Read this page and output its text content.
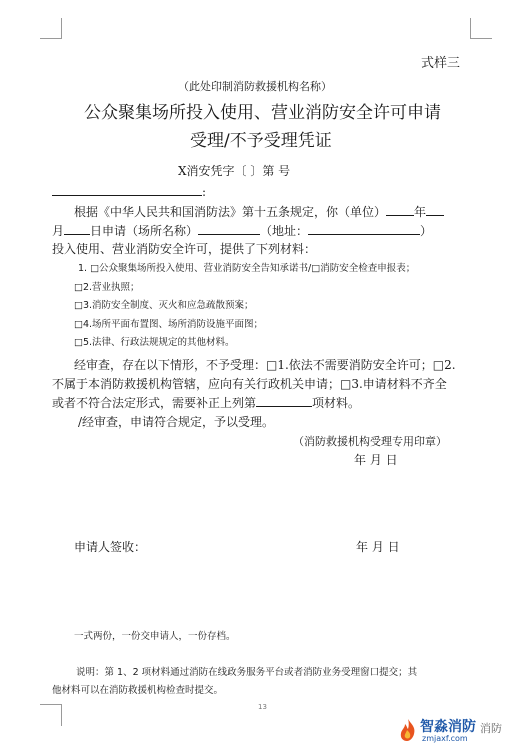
式样三
（此处印制消防救援机构名称）
公众聚集场所投入使用、营业消防安全许可申请
受理/不予受理凭证
X消安凭字〔 〕第 号
:
根据《中华人民共和国消防法》第十五条规定，你（单位） 年
月 日申请（场所名称）	（地址：	）
投入使用、营业消防安全许可，提供了下列材料：
1. □公众聚集场所投入使用、营业消防安全告知承诺书/□消防安全检查申报表；
□2.营业执照；
□3.消防安全制度、灭火和应急疏散预案；
□4.场所平面布置图、场所消防设施平面图；
□5.法律、行政法规规定的其他材料。
经审查，存在以下情形，不予受理：□1.依法不需要消防安全许可；□2.
不属于本消防救援机构管辖，应向有关行政机关申请；□3.申请材料不齐全
或者不符合法定形式，需要补正上列第	项材料。
/经审查，申请符合规定，予以受理。
（消防救援机构受理专用印章）
年 月 日
申请人签收：	年 月 日
一式两份，一份交申请人，一份存档。
说明：第 1、2 项材料通过消防在线政务服务平台或者消防业务受理窗口提交；其
他材料可以在消防救援机构检查时提交。
13
智淼消防 消防
zmjaxf.com
